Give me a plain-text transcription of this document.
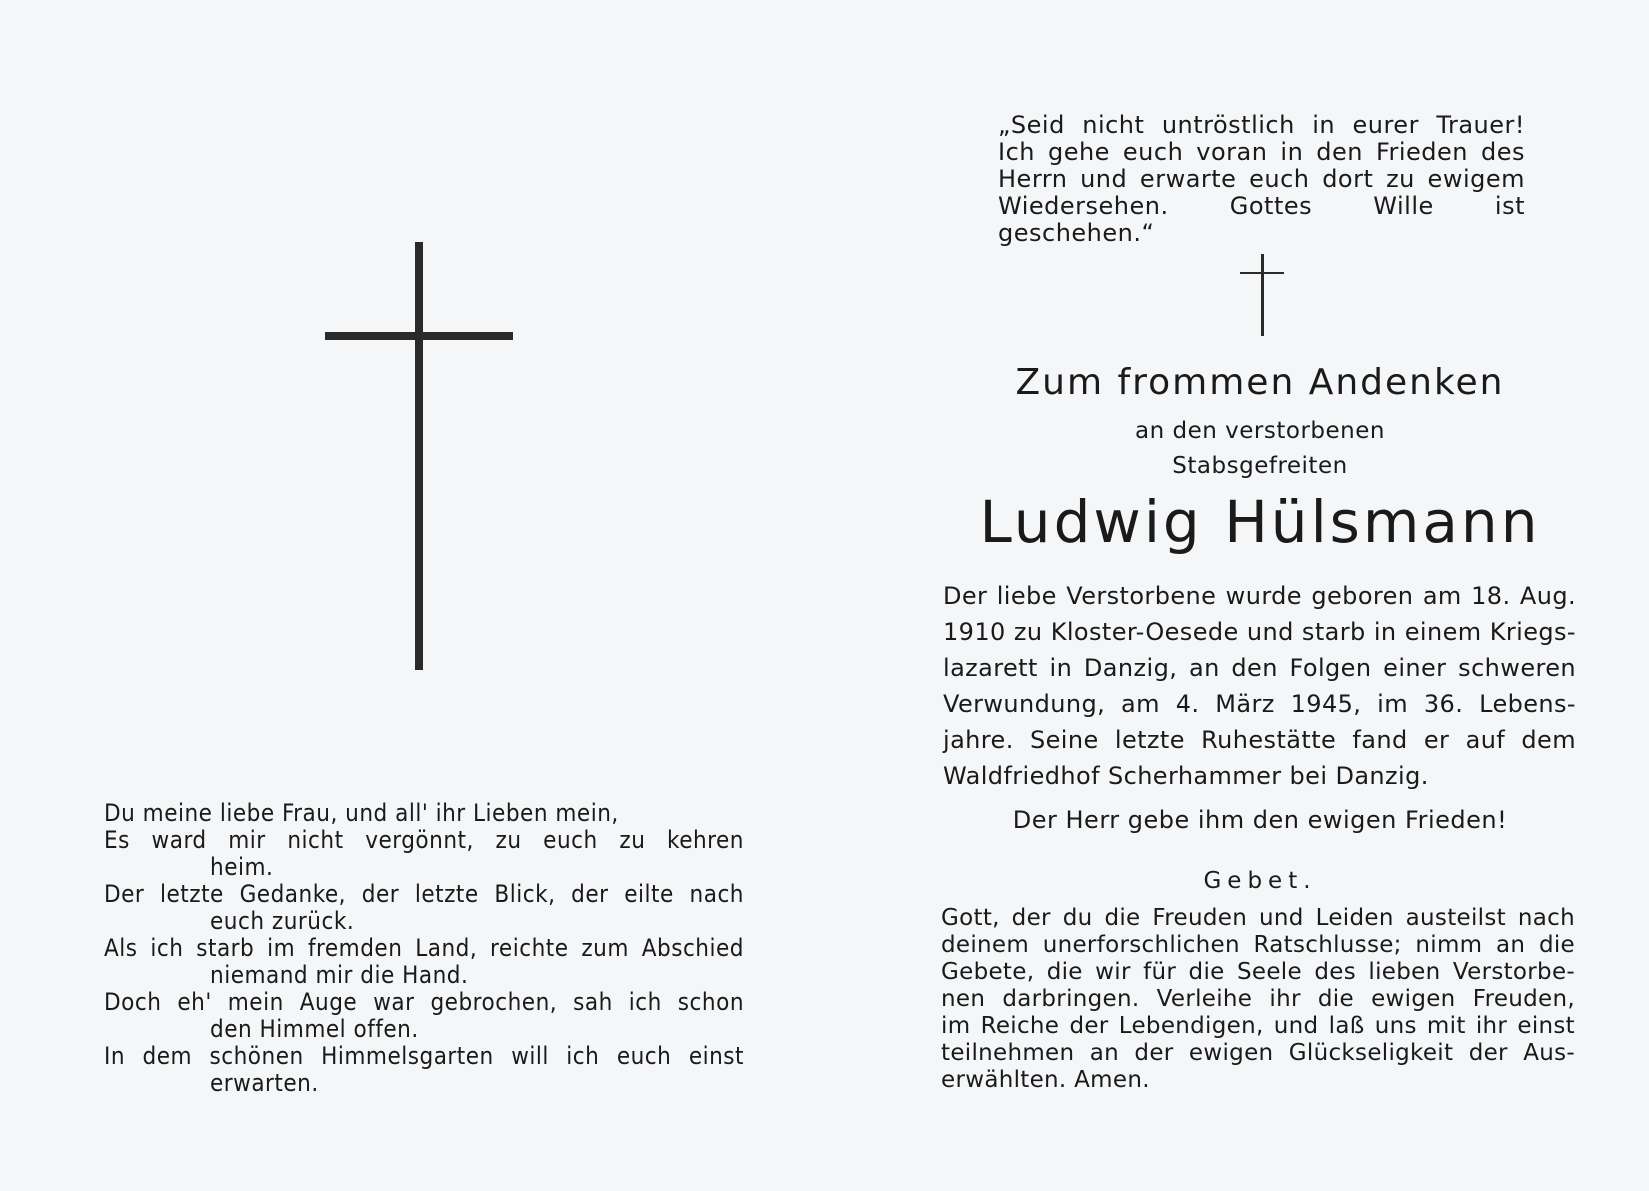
Du meine liebe Frau, und all' ihr Lieben mein,
Es ward mir nicht vergönnt, zu euch zu kehren
heim.
Der letzte Gedanke, der letzte Blick, der eilte nach
euch zurück.
Als ich starb im fremden Land, reichte zum Abschied
niemand mir die Hand.
Doch eh' mein Auge war gebrochen, sah ich schon
den Himmel offen.
In dem schönen Himmelsgarten will ich euch einst
erwarten.
„Seid nicht untröstlich in eurer Trauer!
Ich gehe euch voran in den Frieden des
Herrn und erwarte euch dort zu ewigem
Wiedersehen. Gottes Wille ist geschehen.“
Zum frommen Andenken
an den verstorbenen
Stabsgefreiten
Ludwig Hülsmann
Der liebe Verstorbene wurde geboren am 18. Aug.
1910 zu Kloster-Oesede und starb in einem Kriegs-
lazarett in Danzig, an den Folgen einer schweren
Verwundung, am 4. März 1945, im 36. Lebens-
jahre. Seine letzte Ruhestätte fand er auf dem
Waldfriedhof Scherhammer bei Danzig.
Der Herr gebe ihm den ewigen Frieden!
Gebet.
Gott, der du die Freuden und Leiden austeilst nach
deinem unerforschlichen Ratschlusse; nimm an die
Gebete, die wir für die Seele des lieben Verstorbe-
nen darbringen. Verleihe ihr die ewigen Freuden,
im Reiche der Lebendigen, und laß uns mit ihr einst
teilnehmen an der ewigen Glückseligkeit der Aus-
erwählten. Amen.
